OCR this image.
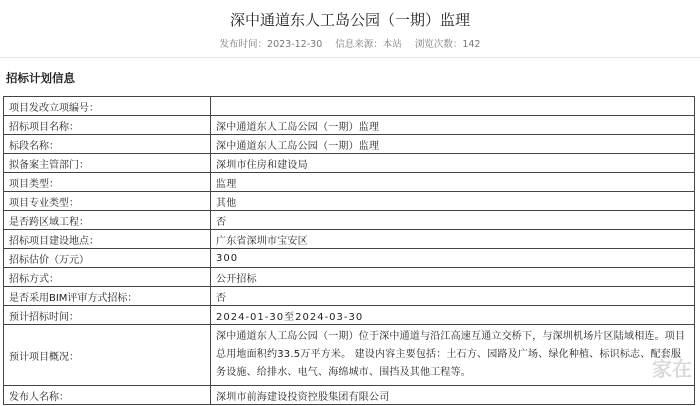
深中通道东人工岛公园（一期）监理
发布时间：2023-12-30 信息来源：本站 浏览次数：142
招标计划信息
项目发改立项编号：	
招标项目名称：	深中通道东人工岛公园（一期）监理
标段名称：	深中通道东人工岛公园（一期）监理
拟备案主管部门：	深圳市住房和建设局
项目类型：	监理
项目专业类型：	其他
是否跨区域工程：	否
招标项目建设地点：	广东省深圳市宝安区
招标估价（万元）	300
招标方式：	公开招标
是否采用BIM评审方式招标：	否
预计招标时间：	2024-01-30至2024-03-30
预计项目概况：	深中通道东人工岛公园（一期）位于深中通道与沿江高速互通立交桥下，与深圳机场片区陆域相连。项目总用地面积约33.5万平方米。 建设内容主要包括：土石方、园路及广场、绿化种植、标识标志、配套服务设施、给排水、电气、海绵城市、围挡及其他工程等。
发布人名称：	深圳市前海建设投资控股集团有限公司
家在
